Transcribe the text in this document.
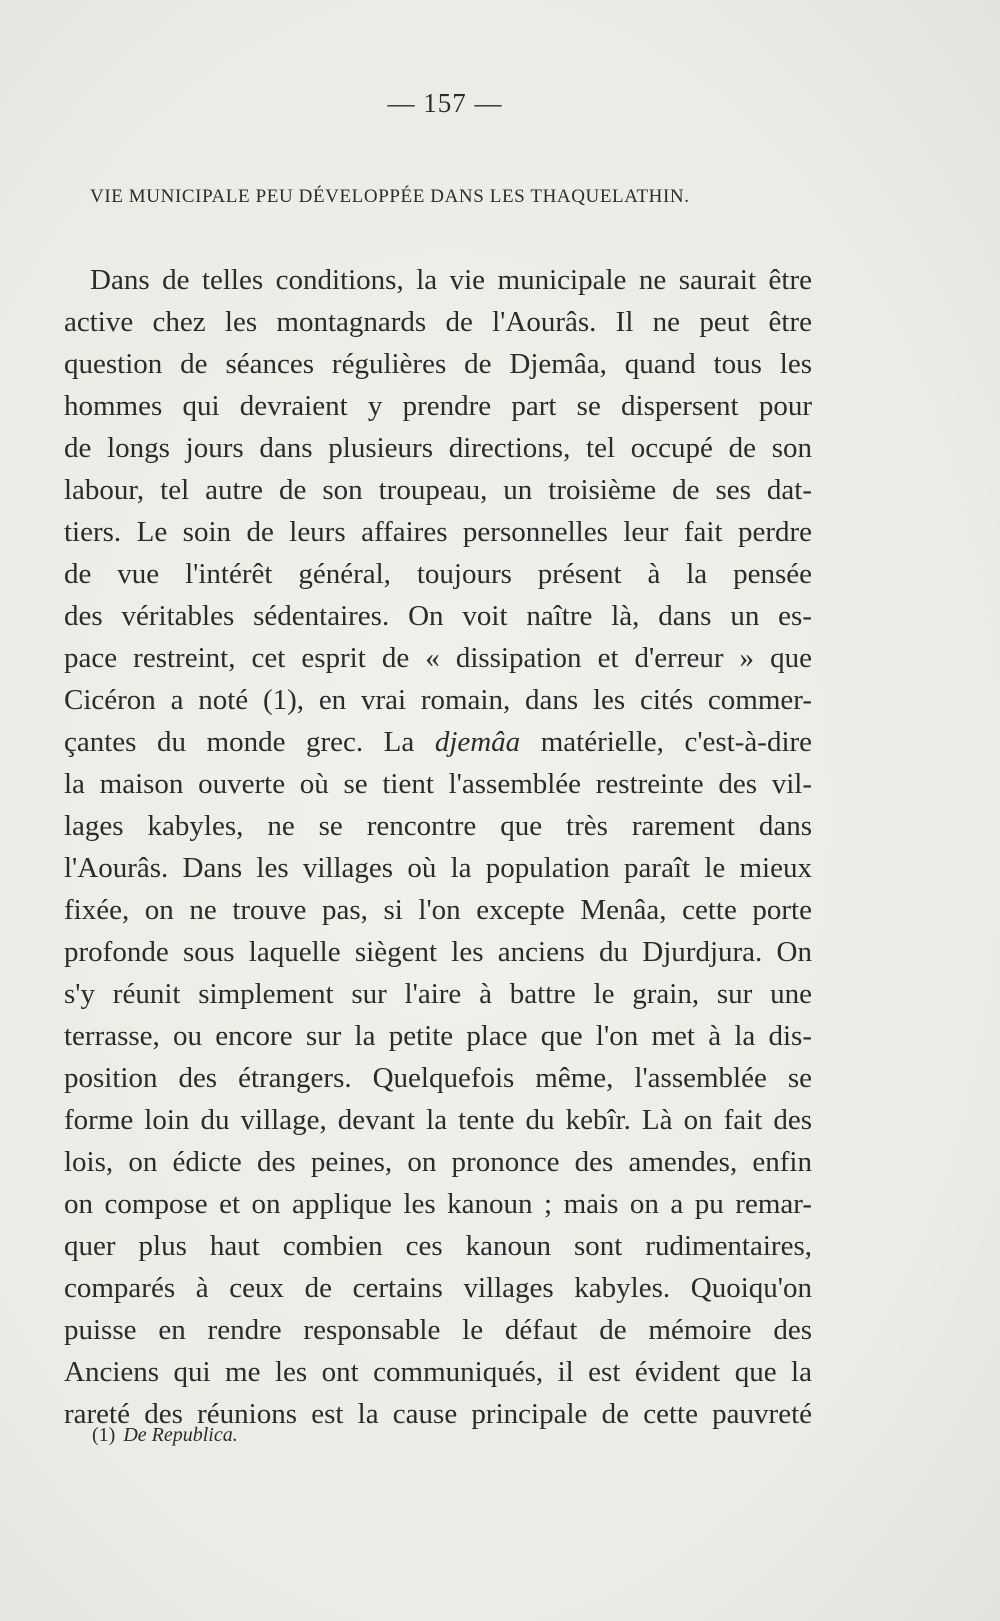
— 157 —
VIE MUNICIPALE PEU DÉVELOPPÉE DANS LES THAQUELATHIN.
Dans de telles conditions, la vie municipale ne saurait être
active chez les montagnards de l'Aourâs. Il ne peut être
question de séances régulières de Djemâa, quand tous les
hommes qui devraient y prendre part se dispersent pour
de longs jours dans plusieurs directions, tel occupé de son
labour, tel autre de son troupeau, un troisième de ses dat-
tiers. Le soin de leurs affaires personnelles leur fait perdre
de vue l'intérêt général, toujours présent à la pensée
des véritables sédentaires. On voit naître là, dans un es-
pace restreint, cet esprit de « dissipation et d'erreur » que
Cicéron a noté (1), en vrai romain, dans les cités commer-
çantes du monde grec. La djemâa matérielle, c'est-à-dire
la maison ouverte où se tient l'assemblée restreinte des vil-
lages kabyles, ne se rencontre que très rarement dans
l'Aourâs. Dans les villages où la population paraît le mieux
fixée, on ne trouve pas, si l'on excepte Menâa, cette porte
profonde sous laquelle siègent les anciens du Djurdjura. On
s'y réunit simplement sur l'aire à battre le grain, sur une
terrasse, ou encore sur la petite place que l'on met à la dis-
position des étrangers. Quelquefois même, l'assemblée se
forme loin du village, devant la tente du kebîr. Là on fait des
lois, on édicte des peines, on prononce des amendes, enfin
on compose et on applique les kanoun ; mais on a pu remar-
quer plus haut combien ces kanoun sont rudimentaires,
comparés à ceux de certains villages kabyles. Quoiqu'on
puisse en rendre responsable le défaut de mémoire des
Anciens qui me les ont communiqués, il est évident que la
rareté des réunions est la cause principale de cette pauvreté
(1) De Republica.
